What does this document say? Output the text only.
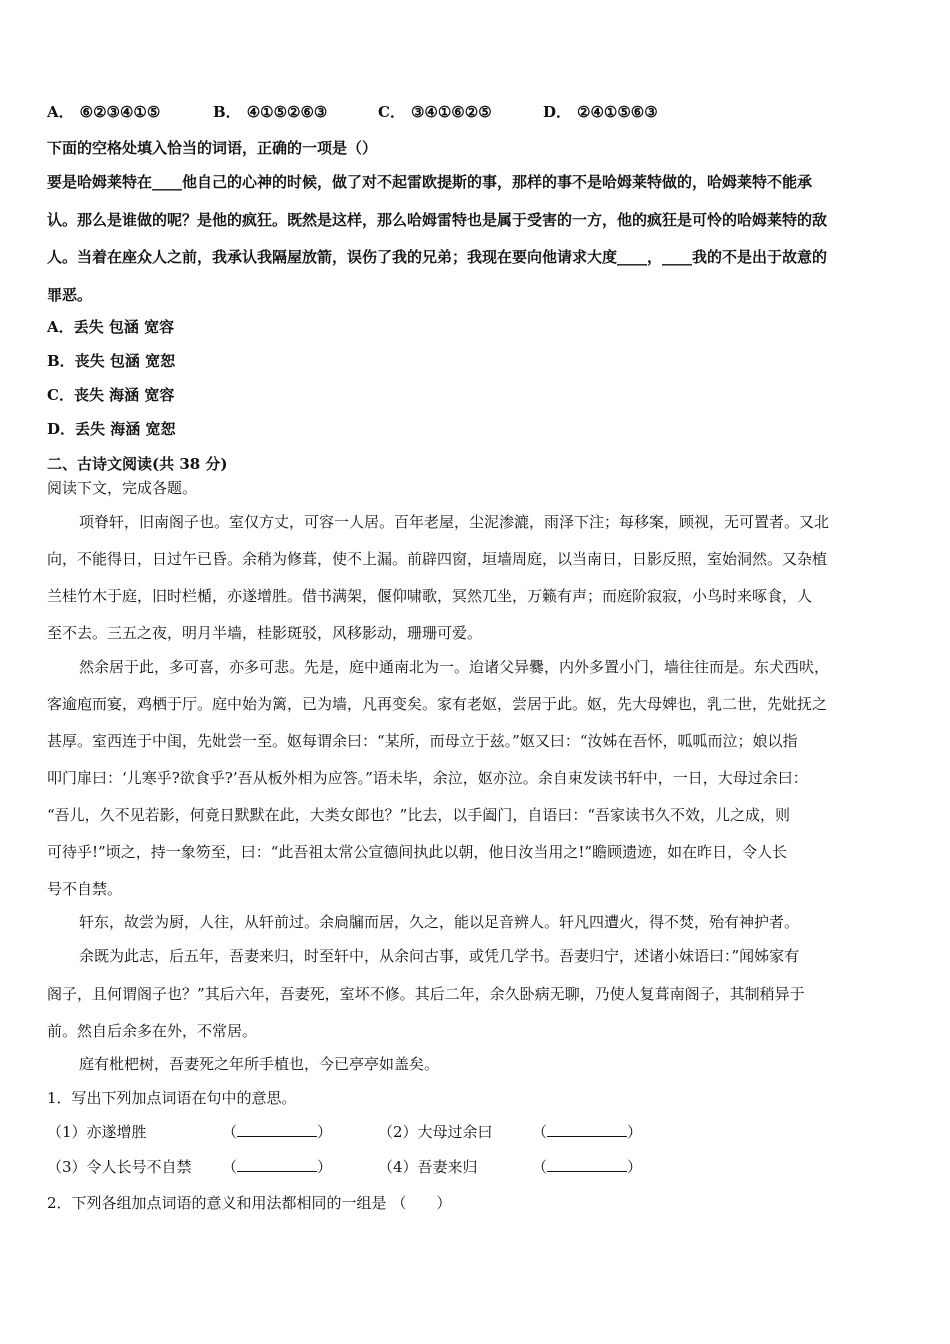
A． ⑥②③④①⑤	B． ④①⑤②⑥③	C． ③④①⑥②⑤	D． ②④①⑤⑥③
下面的空格处填入恰当的词语，正确的一项是（）
要是哈姆莱特在____他自己的心神的时候，做了对不起雷欧提斯的事，那样的事不是哈姆莱特做的，哈姆莱特不能承
认。那么是谁做的呢？是他的疯狂。既然是这样，那么哈姆雷特也是属于受害的一方，他的疯狂是可怜的哈姆莱特的敌
人。当着在座众人之前，我承认我隔屋放箭，误伤了我的兄弟；我现在要向他请求大度____，____我的不是出于故意的
罪恶。
A．丢失 包涵 宽容
B．丧失 包涵 宽恕
C．丧失 海涵 宽容
D．丢失 海涵 宽恕
二、古诗文阅读(共 38 分)
阅读下文，完成各题。
项脊轩，旧南阁子也。室仅方丈，可容一人居。百年老屋，尘泥渗漉，雨泽下注；每移案，顾视，无可置者。又北
向，不能得日，日过午已昏。余稍为修葺，使不上漏。前辟四窗，垣墙周庭，以当南日，日影反照，室始洞然。又杂植
兰桂竹木于庭，旧时栏楯，亦遂增胜。借书满架，偃仰啸歌，冥然兀坐，万籁有声；而庭阶寂寂，小鸟时来啄食，人
至不去。三五之夜，明月半墙，桂影斑驳，风移影动，珊珊可爱。
然余居于此，多可喜，亦多可悲。先是，庭中通南北为一。迨诸父异爨，内外多置小门，墙往往而是。东犬西吠，
客逾庖而宴，鸡栖于厅。庭中始为篱，已为墙，凡再变矣。家有老妪，尝居于此。妪，先大母婢也，乳二世，先妣抚之
甚厚。室西连于中闺，先妣尝一至。妪每谓余曰：“某所，而母立于兹。”妪又曰：“汝姊在吾怀，呱呱而泣；娘以指
叩门扉曰：‘儿寒乎?欲食乎?’吾从板外相为应答。”语未毕，余泣，妪亦泣。余自束发读书轩中，一日，大母过余曰：
“吾儿，久不见若影，何竟日默默在此，大类女郎也？”比去，以手阖门，自语曰：“吾家读书久不效，儿之成，则
可待乎!”顷之，持一象笏至，曰：“此吾祖太常公宣德间执此以朝，他日汝当用之!”瞻顾遗迹，如在昨日，令人长
号不自禁。
轩东，故尝为厨，人往，从轩前过。余扃牖而居，久之，能以足音辨人。轩凡四遭火，得不焚，殆有神护者。
余既为此志，后五年，吾妻来归，时至轩中，从余问古事，或凭几学书。吾妻归宁，述诸小妹语曰：”闻姊家有
阁子，且何谓阁子也？”其后六年，吾妻死，室坏不修。其后二年，余久卧病无聊，乃使人复葺南阁子，其制稍异于
前。然自后余多在外，不常居。
庭有枇杷树，吾妻死之年所手植也，今已亭亭如盖矣。
1．写出下列加点词语在句中的意思。
（1）亦遂增胜	（	）	（2）大母过余曰	（	）
（3）令人长号不自禁 （	）	（4）吾妻来归	（	）
2．下列各组加点词语的意义和用法都相同的一组是 （　　）
